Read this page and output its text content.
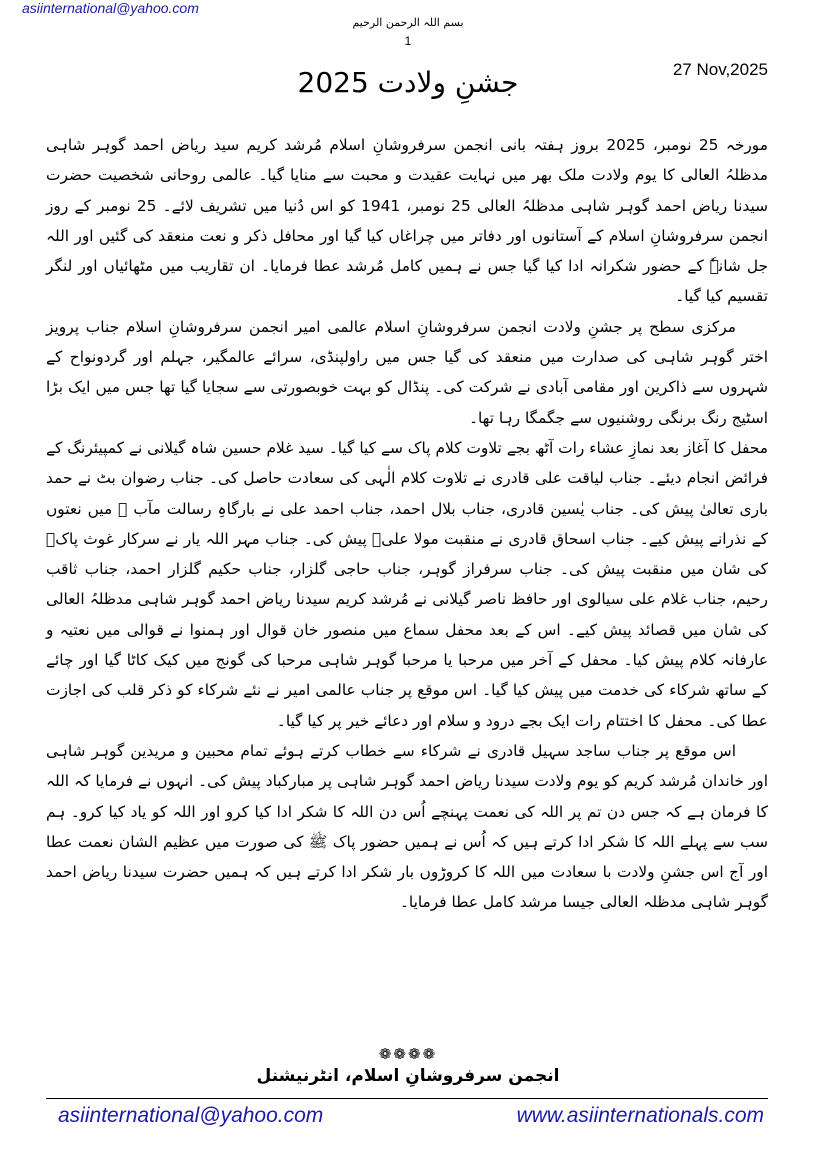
asiinternational@yahoo.com
بسم اللہ الرحمن الرحیم
1
27 Nov,2025
جشنِ ولادت 2025

مورخہ 25 نومبر، 2025 بروز ہفتہ بانی انجمن سرفروشانِ اسلام مُرشد کریم سید ریاض احمد گوہر شاہی مدظلہُ العالی کا یوم ولادت ملک بھر میں نہایت عقیدت و محبت سے منایا گیا۔ عالمی روحانی شخصیت حضرت سیدنا ریاض احمد گوہر شاہی مدظلہُ العالی 25 نومبر، 1941 کو اس دُنیا میں تشریف لائے۔ 25 نومبر کے روز انجمن سرفروشانِ اسلام کے آستانوں اور دفاتر میں چراغاں کیا گیا اور محافل ذکر و نعت منعقد کی گئیں اور اللہ جل شانہٗ کے حضور شکرانہ ادا کیا گیا جس نے ہمیں کامل مُرشد عطا فرمایا۔ ان تقاریب میں مٹھائیاں اور لنگر تقسیم کیا گیا۔

مرکزی سطح پر جشنِ ولادت انجمن سرفروشانِ اسلام عالمی امیر انجمن سرفروشانِ اسلام جناب پرویز اختر گوہر شاہی کی صدارت میں منعقد کی گیا جس میں راولپنڈی، سرائے عالمگیر، جہلم اور گردونواح کے شہروں سے ذاکرین اور مقامی آبادی نے شرکت کی۔ پنڈال کو بہت خوبصورتی سے سجایا گیا تھا جس میں ایک بڑا اسٹیج رنگ برنگی روشنیوں سے جگمگا رہا تھا۔

محفل کا آغاز بعد نمازِ عشاء رات آٹھ بجے تلاوت کلام پاک سے کیا گیا۔ سید غلام حسین شاہ گیلانی نے کمپیئرنگ کے فرائض انجام دیئے۔ جناب لیاقت علی قادری نے تلاوت کلام الٰہی کی سعادت حاصل کی۔ جناب رضوان بٹ نے حمد باری تعالیٰ پیش کی۔ جناب یٰسین قادری، جناب بلال احمد، جناب احمد علی نے بارگاہِ رسالت مآب ﷺ میں نعتوں کے نذرانے پیش کیے۔ جناب اسحاق قادری نے منقبت مولا علیؑ پیش کی۔ جناب مہر اللہ یار نے سرکار غوث پاکؓ کی شان میں منقبت پیش کی۔ جناب سرفراز گوہر، جناب حاجی گلزار، جناب حکیم گلزار احمد، جناب ثاقب رحیم، جناب غلام علی سیالوی اور حافظ ناصر گیلانی نے مُرشد کریم سیدنا ریاض احمد گوہر شاہی مدظلہُ العالی کی شان میں قصائد پیش کیے۔ اس کے بعد محفل سماع میں منصور خان قوال اور ہمنوا نے قوالی میں نعتیہ و عارفانہ کلام پیش کیا۔ محفل کے آخر میں مرحبا یا مرحبا گوہر شاہی مرحبا کی گونج میں کیک کاٹا گیا اور چائے کے ساتھ شرکاء کی خدمت میں پیش کیا گیا۔ اس موقع پر جناب عالمی امیر نے نئے شرکاء کو ذکر قلب کی اجازت عطا کی۔ محفل کا اختتام رات ایک بجے درود و سلام اور دعائے خیر پر کیا گیا۔

اس موقع پر جناب ساجد سہیل قادری نے شرکاء سے خطاب کرتے ہوئے تمام محبین و مریدین گوہر شاہی اور خاندان مُرشد کریم کو یوم ولادت سیدنا ریاض احمد گوہر شاہی پر مبارکباد پیش کی۔ انہوں نے فرمایا کہ اللہ کا فرمان ہے کہ جس دن تم پر اللہ کی نعمت پہنچے اُس دن اللہ کا شکر ادا کیا کرو اور اللہ کو یاد کیا کرو۔ ہم سب سے پہلے اللہ کا شکر ادا کرتے ہیں کہ اُس نے ہمیں حضور پاک ﷺ کی صورت میں عظیم الشان نعمت عطا اور آج اس جشنِ ولادت با سعادت میں اللہ کا کروڑوں بار شکر ادا کرتے ہیں کہ ہمیں حضرت سیدنا ریاض احمد گوہر شاہی مدظلہ العالی جیسا مرشد کامل عطا فرمایا۔

❁❁❁❁
انجمن سرفروشانِ اسلام، انٹرنیشنل
asiinternational@yahoo.com	www.asiinternationals.com
